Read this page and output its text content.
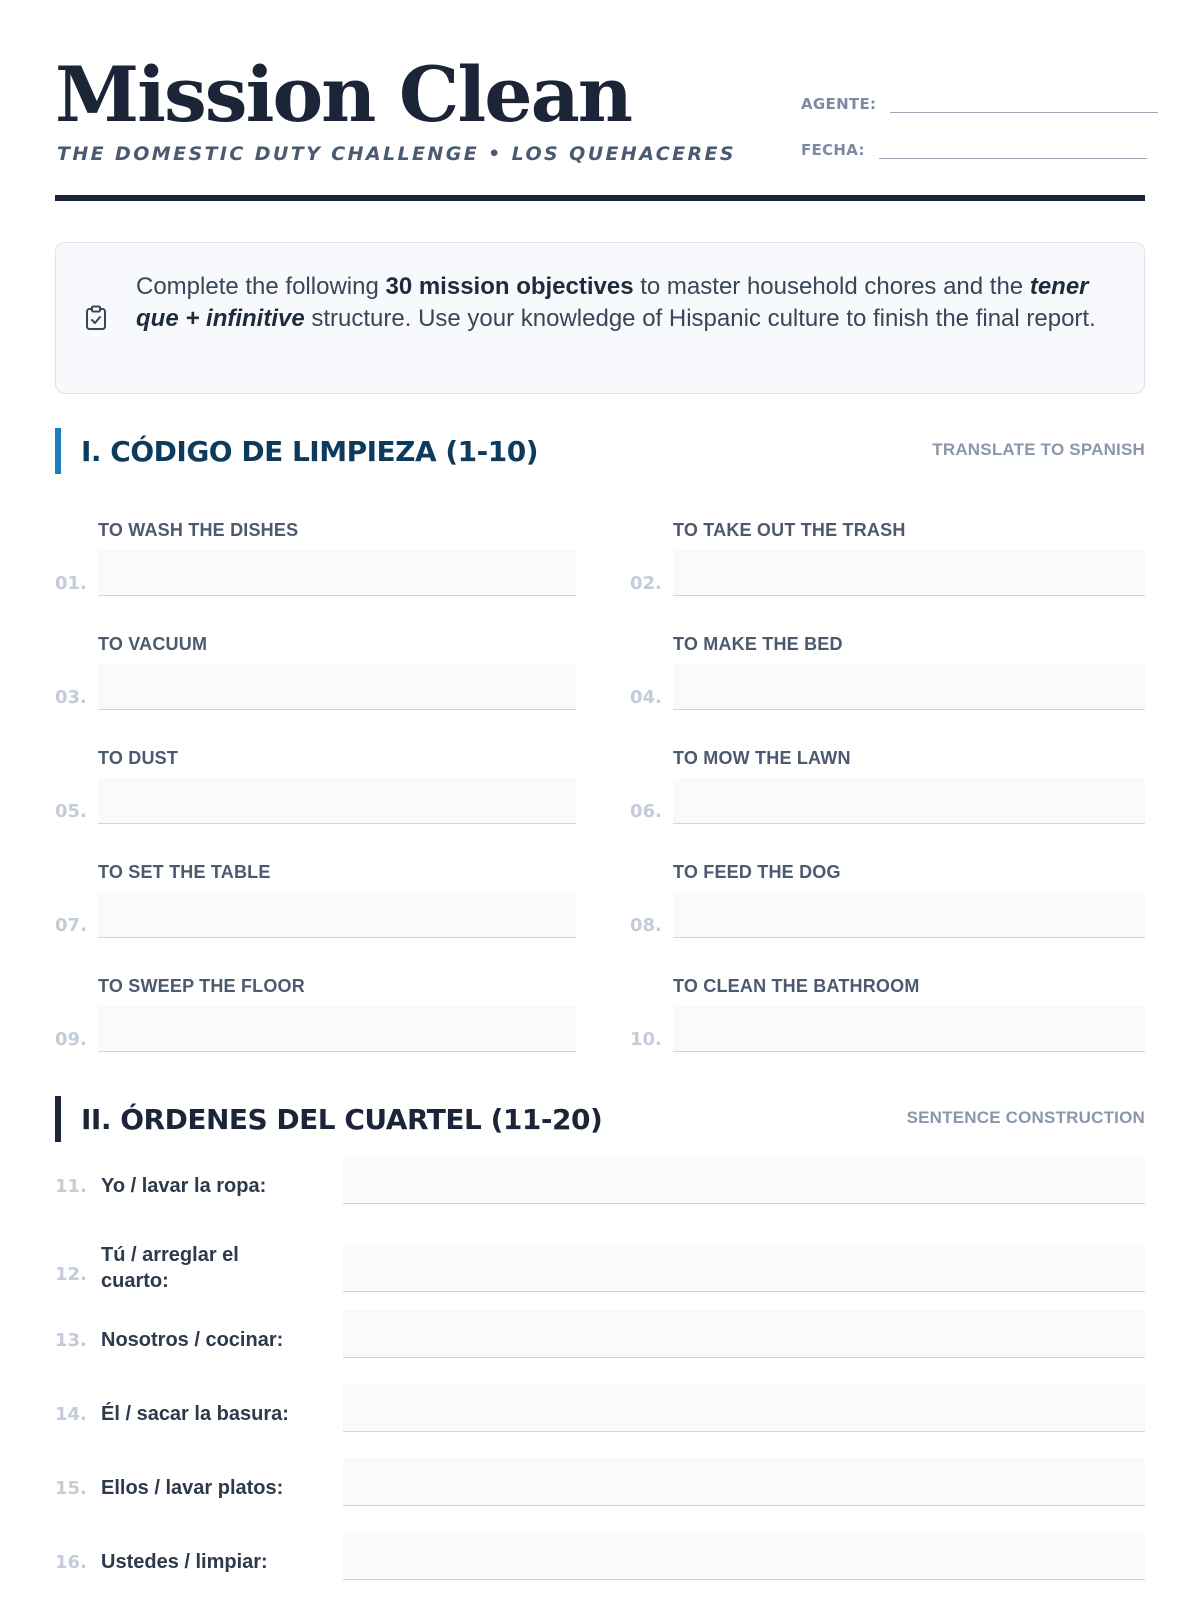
Mission Clean
THE DOMESTIC DUTY CHALLENGE • LOS QUEHACERES
AGENTE:
FECHA:
Complete the following 30 mission objectives to master household chores and the tener que + infinitive structure. Use your knowledge of Hispanic culture to finish the final report.
I. CÓDIGO DE LIMPIEZA (1-10)	TRANSLATE TO SPANISH
01.
TO WASH THE DISHES
02.
TO TAKE OUT THE TRASH
03.
TO VACUUM
04.
TO MAKE THE BED
05.
TO DUST
06.
TO MOW THE LAWN
07.
TO SET THE TABLE
08.
TO FEED THE DOG
09.
TO SWEEP THE FLOOR
10.
TO CLEAN THE BATHROOM
II. ÓRDENES DEL CUARTEL (11-20)	SENTENCE CONSTRUCTION
11. Yo / lavar la ropa:
12.
Tú / arreglar el cuarto:
13. Nosotros / cocinar:
14. Él / sacar la basura:
15. Ellos / lavar platos:
16. Ustedes / limpiar:
